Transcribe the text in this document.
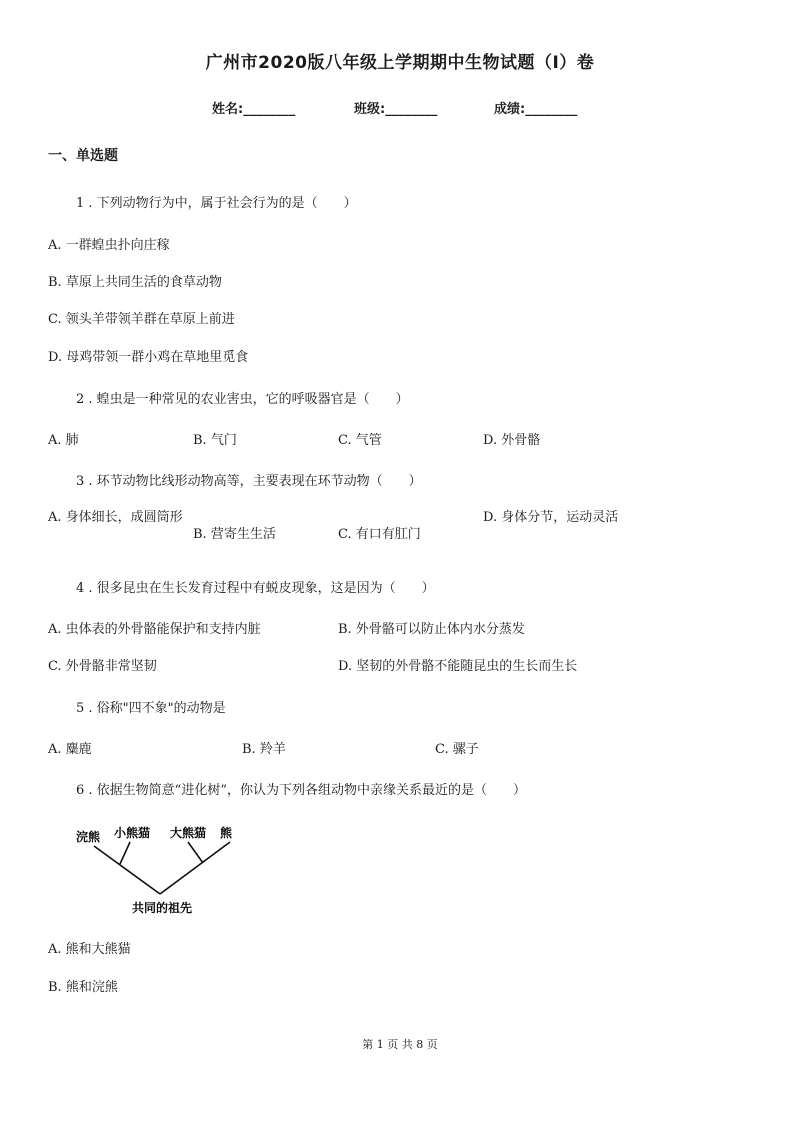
广州市2020版八年级上学期期中生物试题（I）卷
姓名:________	班级:________	成绩:________
一、单选题
1 . 下列动物行为中，属于社会行为的是（　　）
A. 一群蝗虫扑向庄稼
B. 草原上共同生活的食草动物
C. 领头羊带领羊群在草原上前进
D. 母鸡带领一群小鸡在草地里觅食
2 . 蝗虫是一种常见的农业害虫，它的呼吸器官是（　　）
A. 肺	B. 气门	C. 气管	D. 外骨骼
3 . 环节动物比线形动物高等，主要表现在环节动物（　　）
A. 身体细长，成圆筒形
B. 营寄生生活	C. 有口有肛门
D. 身体分节，运动灵活
4 . 很多昆虫在生长发育过程中有蜕皮现象，这是因为（　　）
A. 虫体表的外骨骼能保护和支持内脏	B. 外骨骼可以防止体内水分蒸发
C. 外骨骼非常坚韧	D. 坚韧的外骨骼不能随昆虫的生长而生长
5 . 俗称"四不象"的动物是
A. 麋鹿	B. 羚羊	C. 骡子
6 . 依据生物简意“进化树”，你认为下列各组动物中亲缘关系最近的是（　　）
浣熊 小熊猫 大熊猫 熊
共同的祖先
A. 熊和大熊猫
B. 熊和浣熊
第 1 页 共 8 页
